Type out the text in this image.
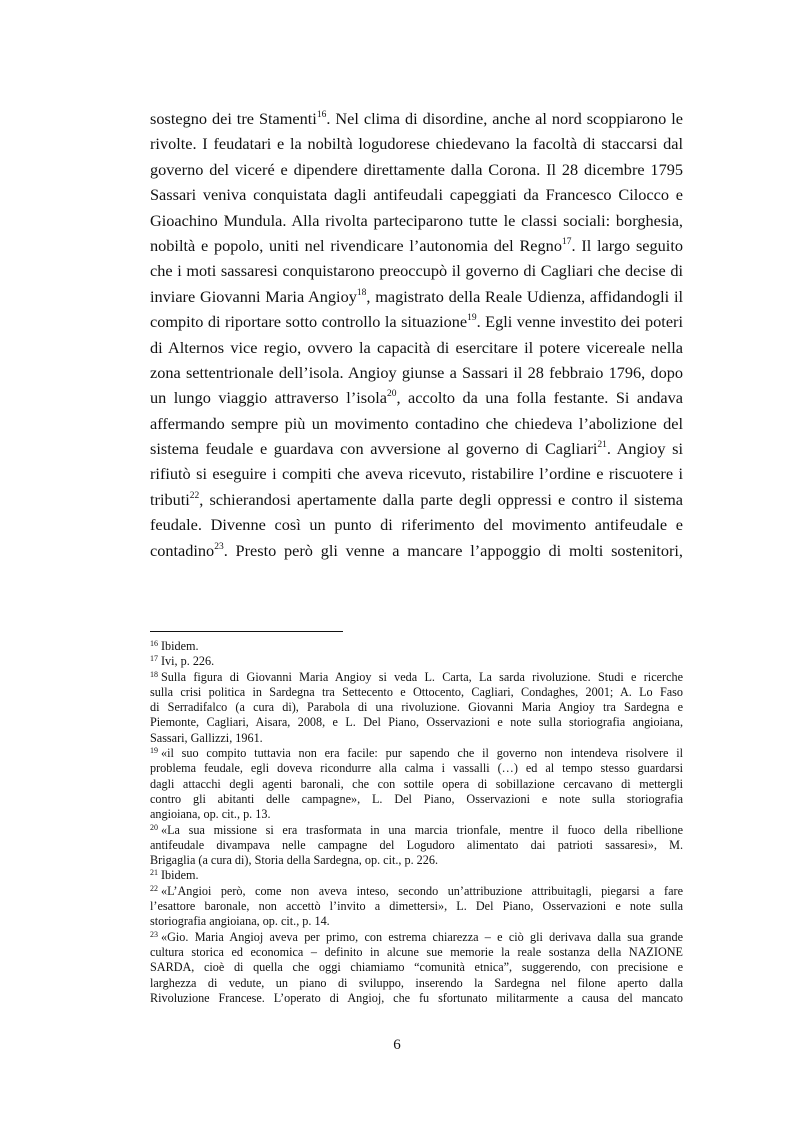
sostegno dei tre Stamenti$^{16}$. Nel clima di disordine, anche al nord scoppiarono le
rivolte. I feudatari e la nobiltà logudorese chiedevano la facoltà di staccarsi dal
governo del viceré e dipendere direttamente dalla Corona. Il 28 dicembre 1795
Sassari veniva conquistata dagli antifeudali capeggiati da Francesco Cilocco e
Gioachino Mundula. Alla rivolta parteciparono tutte le classi sociali: borghesia,
nobiltà e popolo, uniti nel rivendicare l’autonomia del Regno$^{17}$. Il largo seguito
che i moti sassaresi conquistarono preoccupò il governo di Cagliari che decise di
inviare Giovanni Maria Angioy$^{18}$, magistrato della Reale Udienza, affidandogli il
compito di riportare sotto controllo la situazione$^{19}$. Egli venne investito dei poteri
di Alternos vice regio, ovvero la capacità di esercitare il potere vicereale nella
zona settentrionale dell’isola. Angioy giunse a Sassari il 28 febbraio 1796, dopo
un lungo viaggio attraverso l’isola$^{20}$, accolto da una folla festante. Si andava
affermando sempre più un movimento contadino che chiedeva l’abolizione del
sistema feudale e guardava con avversione al governo di Cagliari$^{21}$. Angioy si
rifiutò si eseguire i compiti che aveva ricevuto, ristabilire l’ordine e riscuotere i
tributi$^{22}$, schierandosi apertamente dalla parte degli oppressi e contro il sistema
feudale. Divenne così un punto di riferimento del movimento antifeudale e
contadino$^{23}$. Presto però gli venne a mancare l’appoggio di molti sostenitori,
$^{16}$ Ibidem.
$^{17}$ Ivi, p. 226.
$^{18}$ Sulla figura di Giovanni Maria Angioy si veda L. Carta, La sarda rivoluzione. Studi e ricerche
sulla crisi politica in Sardegna tra Settecento e Ottocento, Cagliari, Condaghes, 2001; A. Lo Faso
di Serradifalco (a cura di), Parabola di una rivoluzione. Giovanni Maria Angioy tra Sardegna e
Piemonte, Cagliari, Aisara, 2008, e L. Del Piano, Osservazioni e note sulla storiografia angioiana,
Sassari, Gallizzi, 1961.
$^{19}$ «il suo compito tuttavia non era facile: pur sapendo che il governo non intendeva risolvere il
problema feudale, egli doveva ricondurre alla calma i vassalli (…) ed al tempo stesso guardarsi
dagli attacchi degli agenti baronali, che con sottile opera di sobillazione cercavano di mettergli
contro gli abitanti delle campagne», L. Del Piano, Osservazioni e note sulla storiografia
angioiana, op. cit., p. 13.
$^{20}$ «La sua missione si era trasformata in una marcia trionfale, mentre il fuoco della ribellione
antifeudale divampava nelle campagne del Logudoro alimentato dai patrioti sassaresi», M.
Brigaglia (a cura di), Storia della Sardegna, op. cit., p. 226.
$^{21}$ Ibidem.
$^{22}$ «L’Angioi però, come non aveva inteso, secondo un’attribuzione attribuitagli, piegarsi a fare
l’esattore baronale, non accettò l’invito a dimettersi», L. Del Piano, Osservazioni e note sulla
storiografia angioiana, op. cit., p. 14.
$^{23}$ «Gio. Maria Angioj aveva per primo, con estrema chiarezza – e ciò gli derivava dalla sua grande
cultura storica ed economica – definito in alcune sue memorie la reale sostanza della NAZIONE
SARDA, cioè di quella che oggi chiamiamo “comunità etnica”, suggerendo, con precisione e
larghezza di vedute, un piano di sviluppo, inserendo la Sardegna nel filone aperto dalla
Rivoluzione Francese. L’operato di Angioj, che fu sfortunato militarmente a causa del mancato
6
